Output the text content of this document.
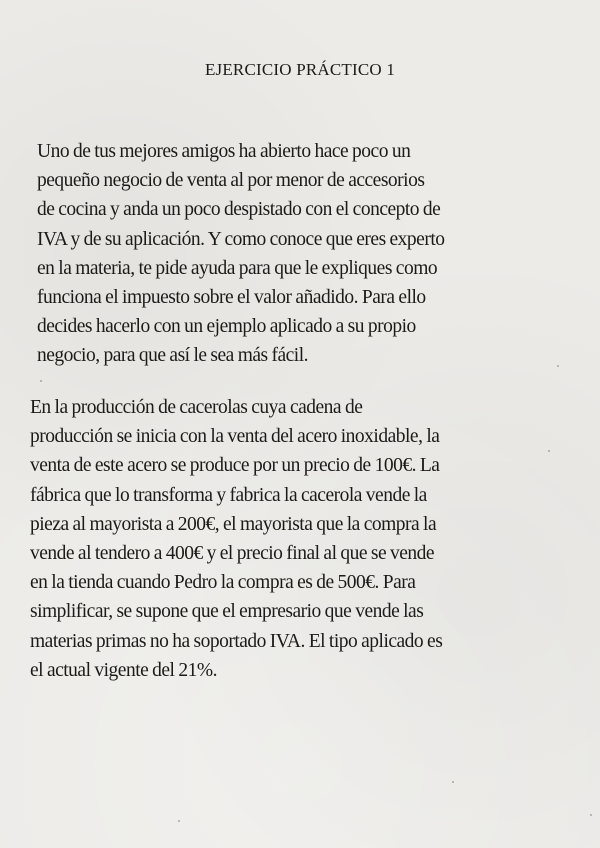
EJERCICIO PRÁCTICO 1
Uno de tus mejores amigos ha abierto hace poco un
pequeño negocio de venta al por menor de accesorios
de cocina y anda un poco despistado con el concepto de
IVA y de su aplicación. Y como conoce que eres experto
en la materia, te pide ayuda para que le expliques como
funciona el impuesto sobre el valor añadido. Para ello
decides hacerlo con un ejemplo aplicado a su propio
negocio, para que así le sea más fácil.
En la producción de cacerolas cuya cadena de
producción se inicia con la venta del acero inoxidable, la
venta de este acero se produce por un precio de 100€. La
fábrica que lo transforma y fabrica la cacerola vende la
pieza al mayorista a 200€, el mayorista que la compra la
vende al tendero a 400€ y el precio final al que se vende
en la tienda cuando Pedro la compra es de 500€. Para
simplificar, se supone que el empresario que vende las
materias primas no ha soportado IVA. El tipo aplicado es
el actual vigente del 21%.
